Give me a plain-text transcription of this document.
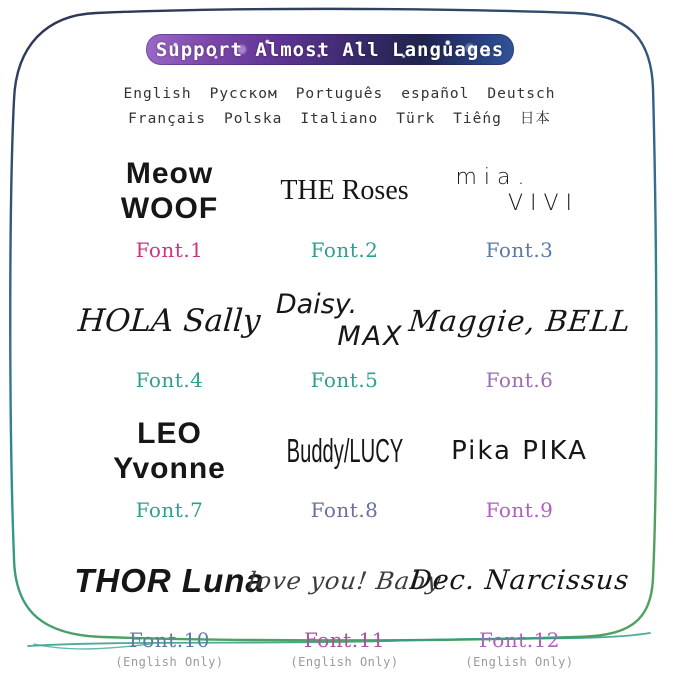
Support Almost All Languages
English Русском Português español Deutsch
Français Polska Italiano Türk Tiếng 日本
Meow
WOOF
Font.1
THE Roses
Font.2
mia.
VIVI
Font.3
HOLA Sally
Font.4
Daisy.
MAX
Font.5
Maggie, BELL
Font.6
LEO
Yvonne
Font.7
Buddy/LUCY
Font.8
Pika PIKA
Font.9
THOR Luna
Font.10
(English Only)
love you! Baby
Font.11
(English Only)
Dec. Narcissus
Font.12
(English Only)
